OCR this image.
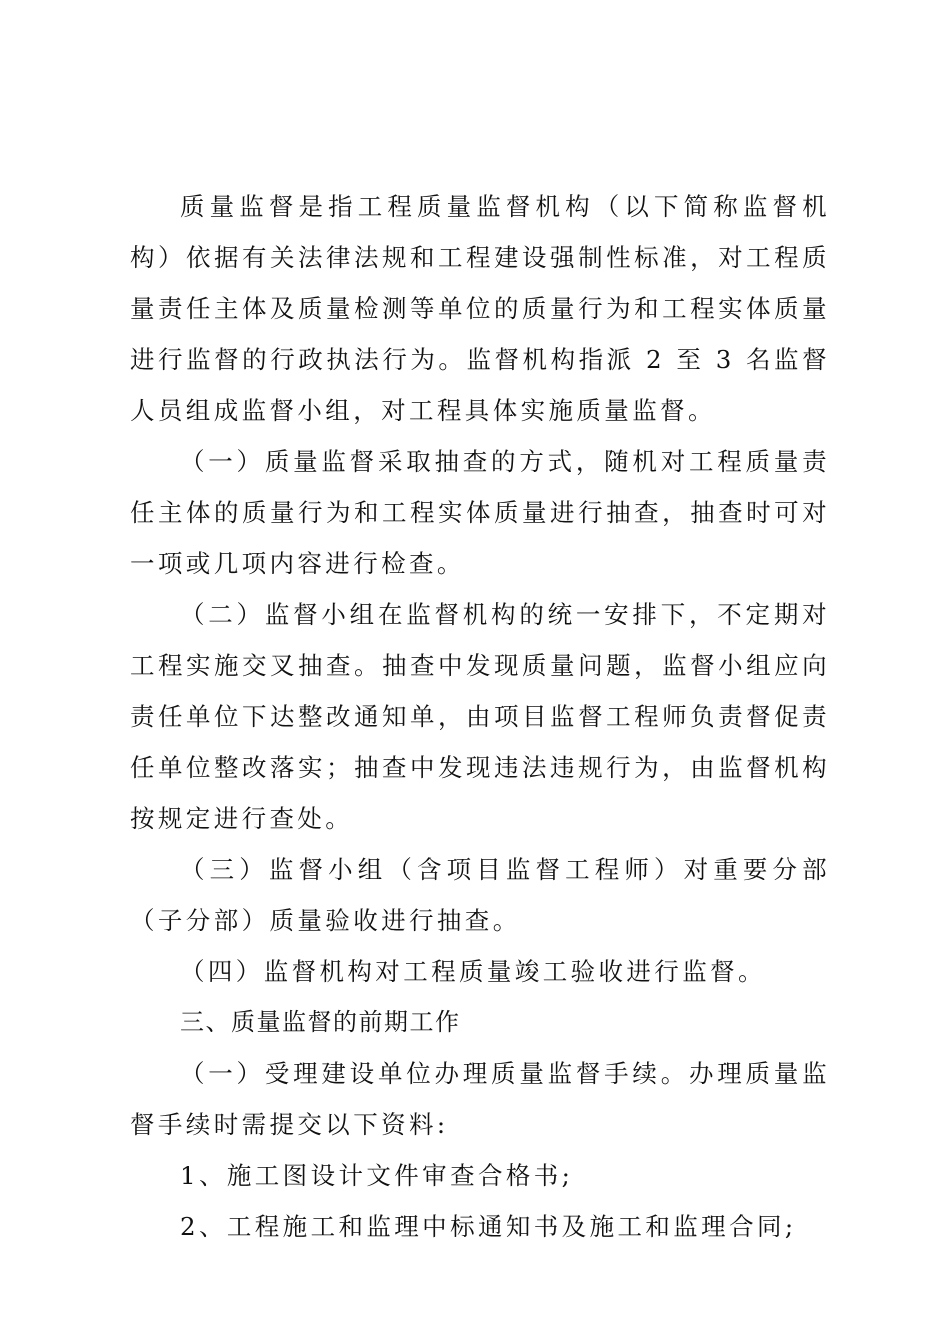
质量监督是指工程质量监督机构（以下简称监督机构）依据有关法律法规和工程建设强制性标准，对工程质量责任主体及质量检测等单位的质量行为和工程实体质量进行监督的行政执法行为。监督机构指派 2 至 3 名监督人员组成监督小组，对工程具体实施质量监督。

（一）质量监督采取抽查的方式，随机对工程质量责任主体的质量行为和工程实体质量进行抽查，抽查时可对一项或几项内容进行检查。

（二）监督小组在监督机构的统一安排下，不定期对工程实施交叉抽查。抽查中发现质量问题，监督小组应向责任单位下达整改通知单，由项目监督工程师负责督促责任单位整改落实；抽查中发现违法违规行为，由监督机构按规定进行查处。

（三）监督小组（含项目监督工程师）对重要分部（子分部）质量验收进行抽查。

（四）监督机构对工程质量竣工验收进行监督。

三、质量监督的前期工作

（一）受理建设单位办理质量监督手续。办理质量监督手续时需提交以下资料:

1、施工图设计文件审查合格书;

2、工程施工和监理中标通知书及施工和监理合同;
